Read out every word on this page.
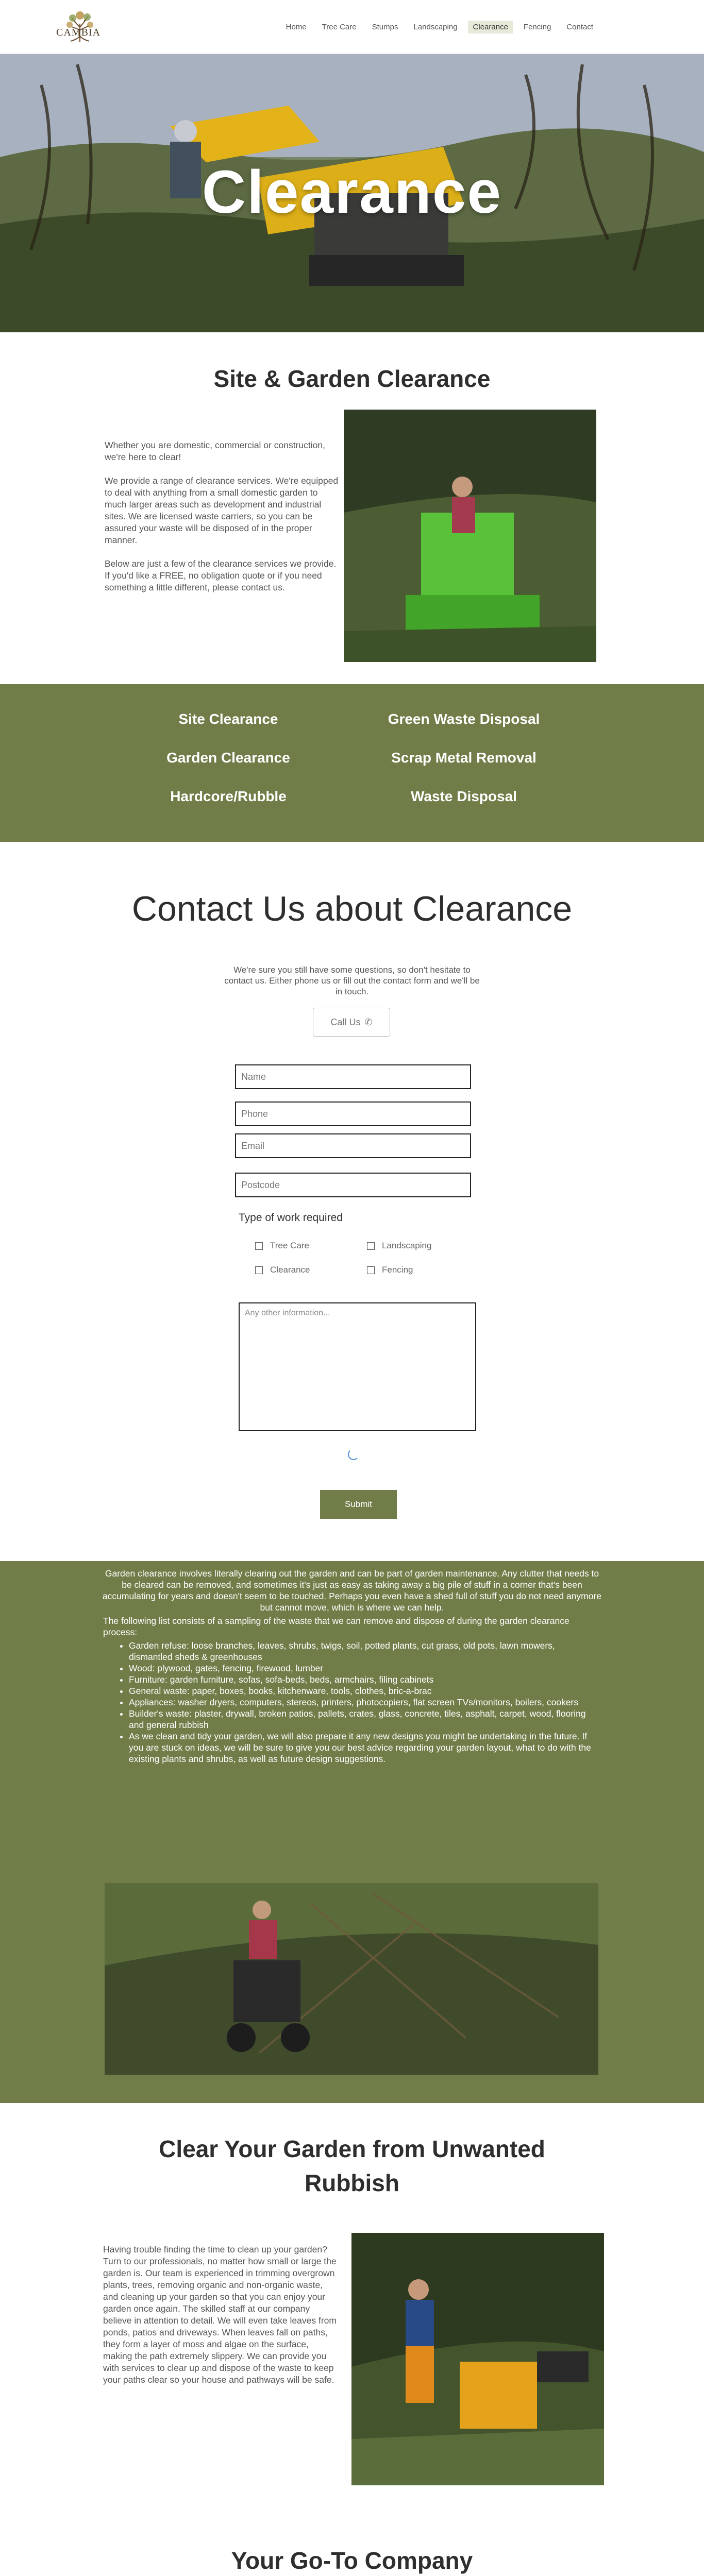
CAMBIA	Home	Tree Care	Stumps	Landscaping	Clearance	Fencing	Contact
Clearance
Site & Garden Clearance

Whether you are domestic, commercial or construction, we're here to clear!

We provide a range of clearance services. We're equipped to deal with anything from a small domestic garden to much larger areas such as development and industrial sites. We are licensed waste carriers, so you can be assured your waste will be disposed of in the proper manner.

Below are just a few of the clearance services we provide. If you'd like a FREE, no obligation quote or if you need something a little different, please contact us.

Site Clearance
Garden Clearance
Hardcore/Rubble
Green Waste Disposal
Scrap Metal Removal
Waste Disposal
Contact Us about Clearance
We're sure you still have some questions, so don't hesitate to contact us. Either phone us or fill out the contact form and we'll be in touch.
Call Us ✆
Name
Phone
Email
Postcode
Type of work required
Tree Care	Landscaping
Clearance	Fencing
Any other information...
Submit
Garden clearance involves literally clearing out the garden and can be part of garden maintenance. Any clutter that needs to be cleared can be removed, and sometimes it's just as easy as taking away a big pile of stuff in a corner that's been accumulating for years and doesn't seem to be touched. Perhaps you even have a shed full of stuff you do not need anymore but cannot move, which is where we can help.
The following list consists of a sampling of the waste that we can remove and dispose of during the garden clearance process:
• Garden refuse: loose branches, leaves, shrubs, twigs, soil, potted plants, cut grass, old pots, lawn mowers, dismantled sheds & greenhouses
• Wood: plywood, gates, fencing, firewood, lumber
• Furniture: garden furniture, sofas, sofa-beds, beds, armchairs, filing cabinets
• General waste: paper, boxes, books, kitchenware, tools, clothes, bric-a-brac
• Appliances: washer dryers, computers, stereos, printers, photocopiers, flat screen TVs/monitors, boilers, cookers
• Builder's waste: plaster, drywall, broken patios, pallets, crates, glass, concrete, tiles, asphalt, carpet, wood, flooring and general rubbish
• As we clean and tidy your garden, we will also prepare it any new designs you might be undertaking in the future. If you are stuck on ideas, we will be sure to give you our best advice regarding your garden layout, what to do with the existing plants and shrubs, as well as future design suggestions.
Clear Your Garden from Unwanted Rubbish
Having trouble finding the time to clean up your garden? Turn to our professionals, no matter how small or large the garden is. Our team is experienced in trimming overgrown plants, trees, removing organic and non-organic waste, and cleaning up your garden so that you can enjoy your garden once again. The skilled staff at our company believe in attention to detail. We will even take leaves from ponds, patios and driveways. When leaves fall on paths, they form a layer of moss and algae on the surface, making the path extremely slippery. We can provide you with services to clear up and dispose of the waste to keep your paths clear so your house and pathways will be safe.
Your Go-To Company
